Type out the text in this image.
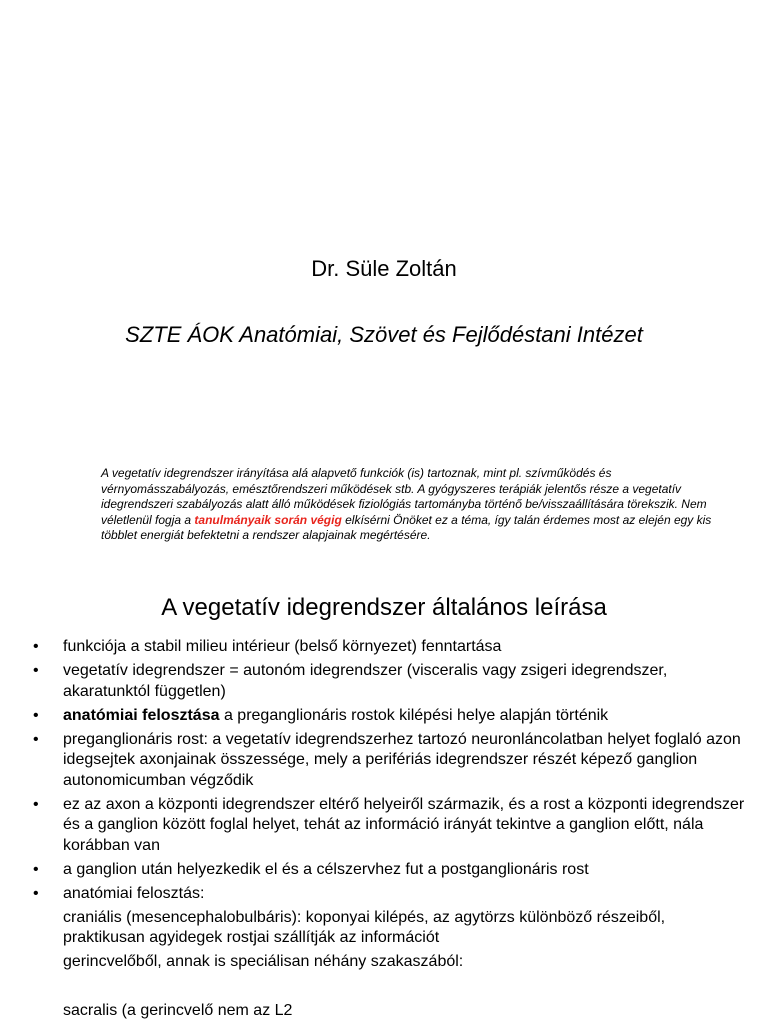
Dr. Süle Zoltán
SZTE ÁOK Anatómiai, Szövet és Fejlődéstani Intézet
A vegetatív idegrendszer irányítása alá alapvető funkciók (is) tartoznak, mint pl. szívműködés és vérnyomásszabályozás, emésztőrendszeri működések stb. A gyógyszeres terápiák jelentős része a vegetatív idegrendszeri szabályozás alatt álló működések fiziológiás tartományba történő be/visszaállítására törekszik. Nem véletlenül fogja a tanulmányaik során végig elkísérni Önöket ez a téma, így talán érdemes most az elején egy kis többlet energiát befektetni a rendszer alapjainak megértésére.
A vegetatív idegrendszer általános leírása
• funkciója a stabil milieu intérieur (belső környezet) fenntartása
• vegetatív idegrendszer = autonóm idegrendszer (visceralis vagy zsigeri idegrendszer, akaratunktól független)
• anatómiai felosztása a preganglionáris rostok kilépési helye alapján történik
• preganglionáris rost: a vegetatív idegrendszerhez tartozó neuronláncolatban helyet foglaló azon idegsejtek axonjainak összessége, mely a perifériás idegrendszer részét képező ganglion autonomicumban végződik
• ez az axon a központi idegrendszer eltérő helyeiről származik, és a rost a központi idegrendszer és a ganglion között foglal helyet, tehát az információ irányát tekintve a ganglion előtt, nála korábban van
• a ganglion után helyezkedik el és a célszervhez fut a postganglionáris rost
• anatómiai felosztás:
craniális (mesencephalobulbáris): koponyai kilépés, az agytörzs különböző részeiből, praktikusan agyidegek rostjai szállítják az információt
gerincvelőből, annak is speciálisan néhány szakaszából:
sacralis (a gerincvelő nem az L2
